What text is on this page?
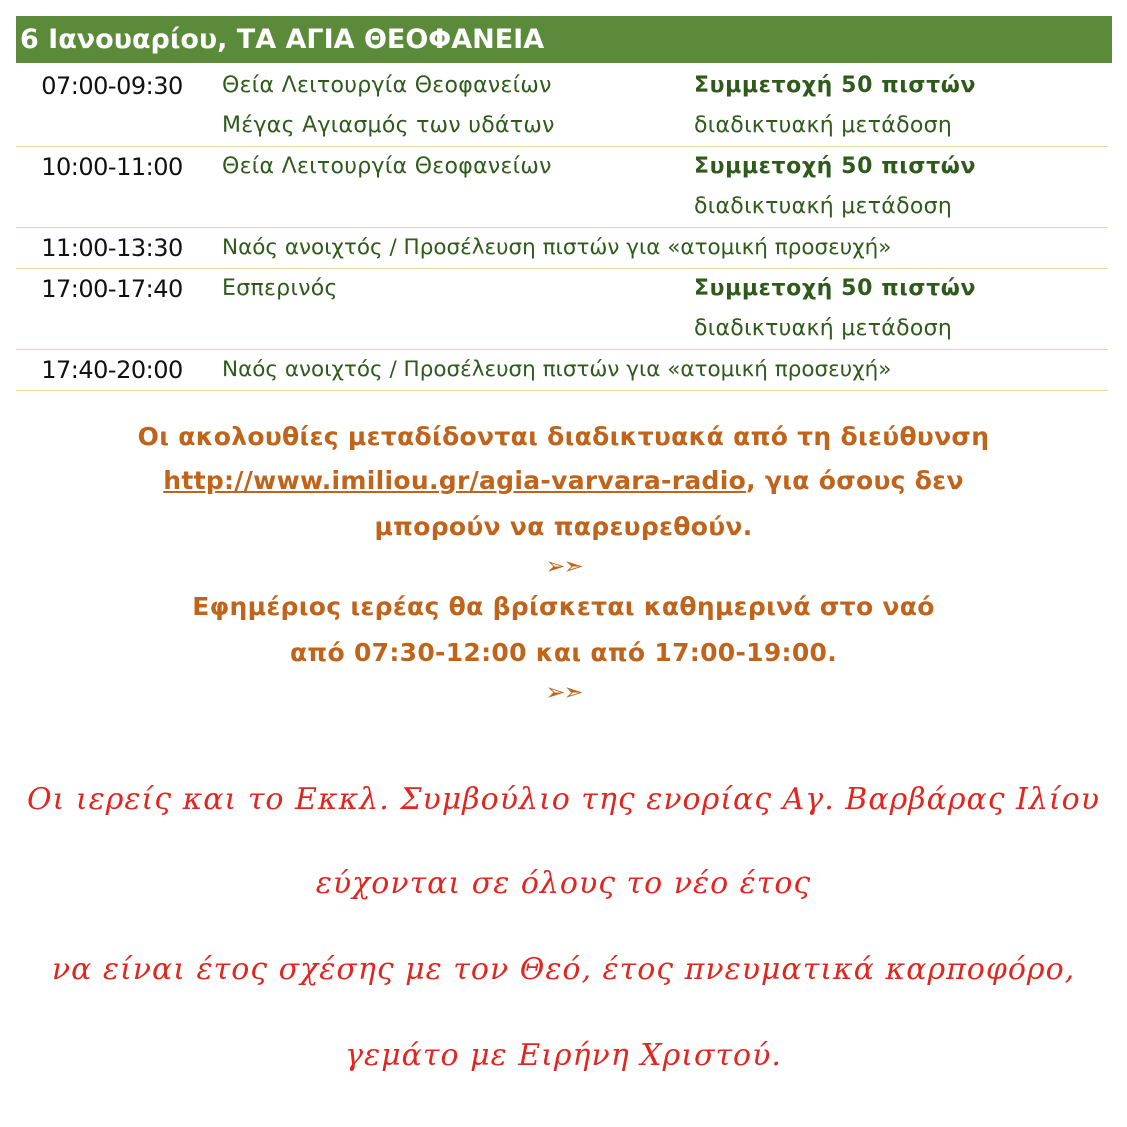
6 Ιανουαρίου, ΤΑ ΑΓΙΑ ΘΕΟΦΑΝΕΙΑ
07:00-09:30	Θεία Λειτουργία Θεοφανείων	Συμμετοχή 50 πιστών
Μέγας Αγιασμός των υδάτων	διαδικτυακή μετάδοση
10:00-11:00	Θεία Λειτουργία Θεοφανείων	Συμμετοχή 50 πιστών
διαδικτυακή μετάδοση
11:00-13:30	Ναός ανοιχτός / Προσέλευση πιστών για «ατομική προσευχή»
17:00-17:40	Εσπερινός	Συμμετοχή 50 πιστών
διαδικτυακή μετάδοση
17:40-20:00	Ναός ανοιχτός / Προσέλευση πιστών για «ατομική προσευχή»
Οι ακολουθίες μεταδίδονται διαδικτυακά από τη διεύθυνση
http://www.imiliou.gr/agia-varvara-radio, για όσους δεν
μπορούν να παρευρεθούν.
➢➣
Εφημέριος ιερέας θα βρίσκεται καθημερινά στο ναό
από 07:30-12:00 και από 17:00-19:00.
➢➣
Οι ιερείς και το Εκκλ. Συμβούλιο της ενορίας Αγ. Βαρβάρας Ιλίου
εύχονται σε όλους το νέο έτος
να είναι έτος σχέσης με τον Θεό, έτος πνευματικά καρποφόρο,
γεμάτο με Ειρήνη Χριστού.
